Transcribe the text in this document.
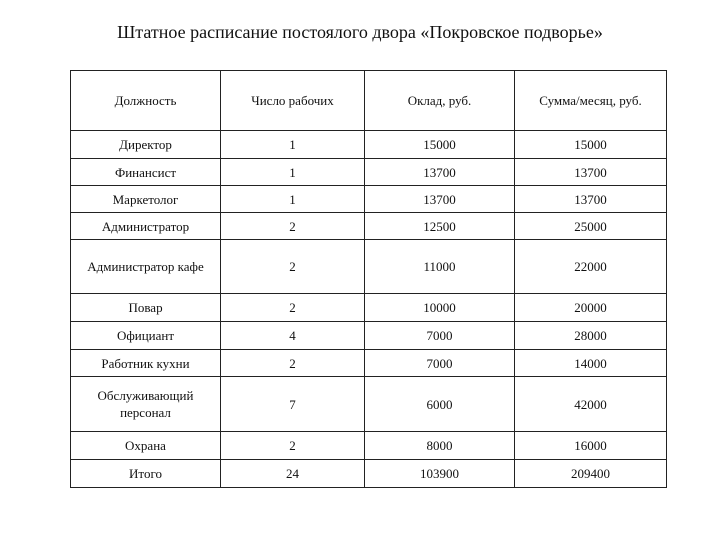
Штатное расписание постоялого двора «Покровское подворье»
Должность	Число рабочих	Оклад, руб.	Сумма/месяц, руб.
Директор	1	15000	15000
Финансист	1	13700	13700
Маркетолог	1	13700	13700
Администратор	2	12500	25000
Администратор кафе	2	11000	22000
Повар	2	10000	20000
Официант	4	7000	28000
Работник кухни	2	7000	14000
Обслуживающий персонал	7	6000	42000
Охрана	2	8000	16000
Итого	24	103900	209400
